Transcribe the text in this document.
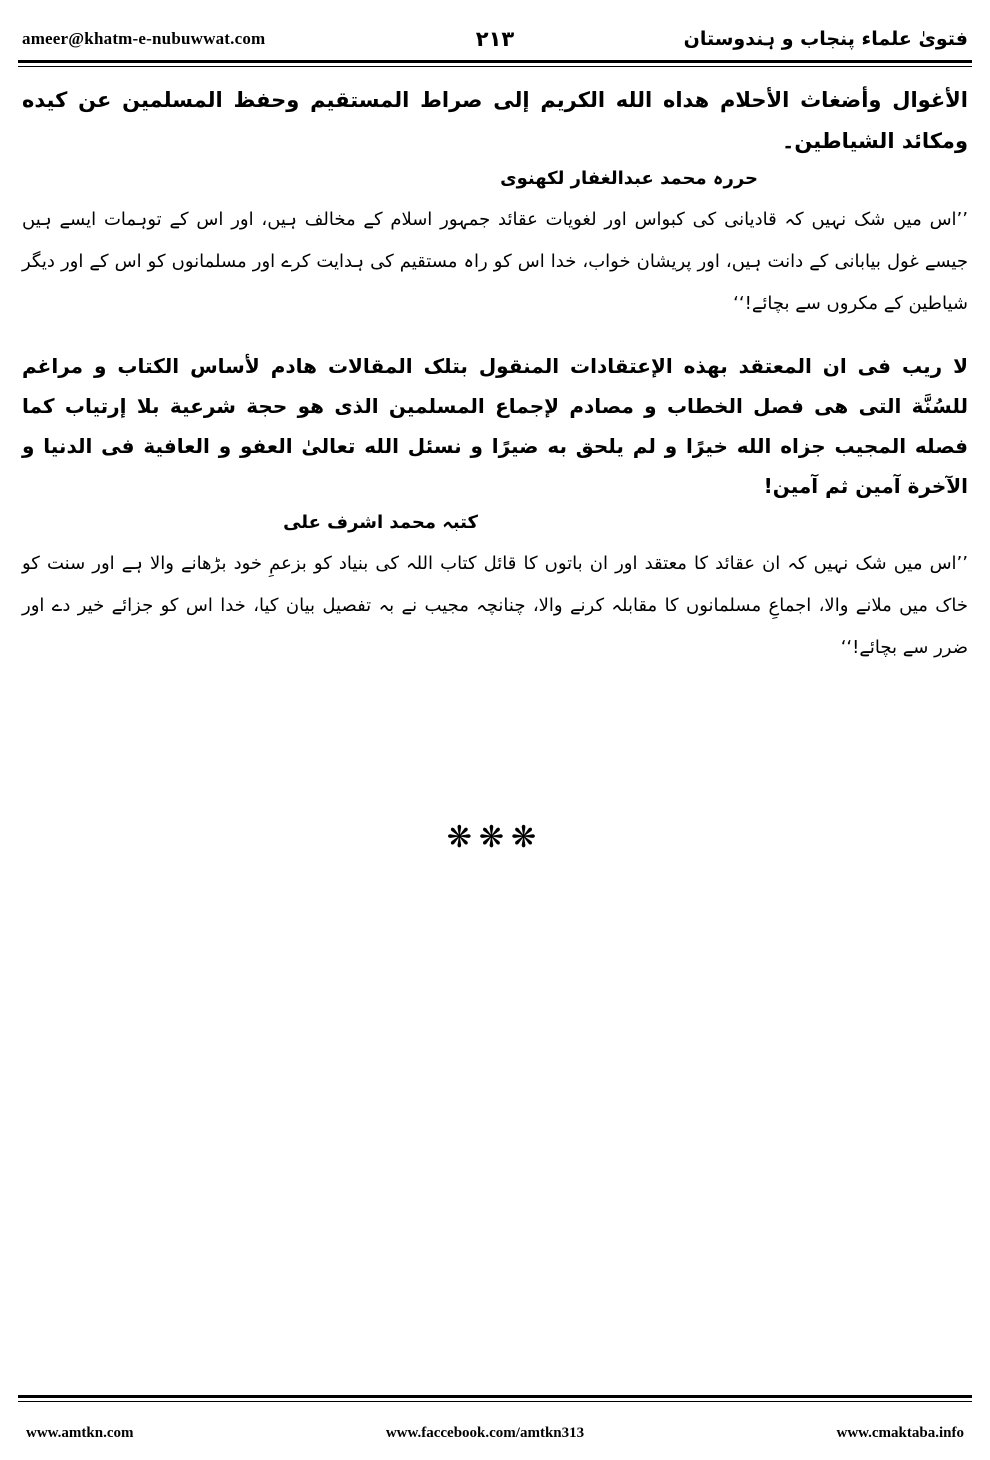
ameer@khatm-e-nubuwwat.com	۲۱۳	فتوىٰ علماء پنجاب و ہندوستان

الأغوال وأضغاث الأحلام هداه الله الكريم إلى صراط المستقيم وحفظ المسلمين عن كيده ومكائد الشياطين۔

حررہ محمد عبدالغفار لکھنوی

’’اس میں شک نہیں کہ قادیانی کی کبواس اور لغویات عقائد جمہور اسلام کے مخالف ہیں، اور اس کے توہمات ایسے ہیں جیسے غول بیابانی کے دانت ہیں، اور پریشان خواب، خدا اس کو راہ مستقیم کی ہدایت کرے اور مسلمانوں کو اس کے اور دیگر شیاطین کے مکروں سے بچائے!‘‘

لا ريب فى ان المعتقد بهذه الإعتقادات المنقول بتلک المقالات هادم لأساس الکتاب و مراغم للسُنَّة التى هى فصل الخطاب و مصادم لإجماع المسلمين الذى هو حجة شرعية بلا إرتياب کما فصله المجيب جزاه الله خيرًا و لم يلحق به ضيرًا و نسئل الله تعالىٰ العفو و العافية فى الدنيا و الآخرة آمين ثم آمين!

کتبہ محمد اشرف علی

’’اس میں شک نہیں کہ ان عقائد کا معتقد اور ان باتوں کا قائل کتاب اللہ کی بنیاد کو بزعمِ خود بڑھانے والا ہے اور سنت کو خاک میں ملانے والا، اجماعِ مسلمانوں کا مقابلہ کرنے والا، چنانچہ مجیب نے بہ تفصیل بیان کیا، خدا اس کو جزائے خیر دے اور ضرر سے بچائے!‘‘

❋❋❋
www.amtkn.com	www.faccebook.com/amtkn313	www.cmaktaba.info
